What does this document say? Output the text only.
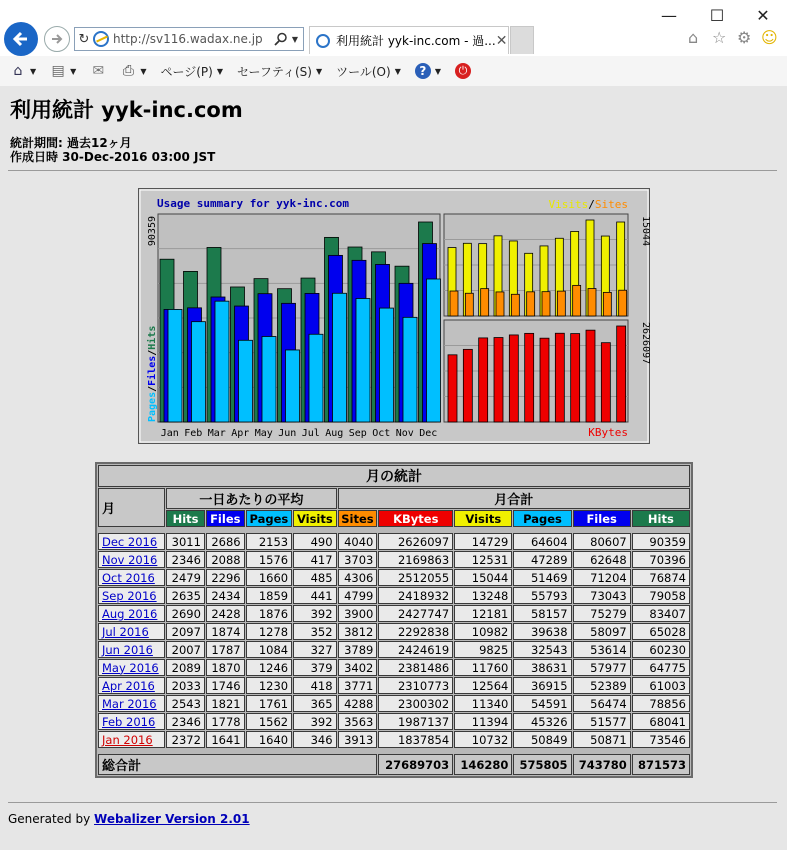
—	☐	✕
↻ http://sv116.wadax.ne.jp	▼	利用統計 yyk-inc.com - 過... ✕	⌂ ☆ ⚙ ☺
⌂ ▼ ▤ ▼ ✉ ⎙ ▼ ページ(P) ▼ セーフティ(S) ▼ ツール(O) ▼	?	▼	⏻
利用統計 yyk-inc.com
統計期間: 過去12ヶ月
作成日時 30-Dec-2016 03:00 JST
Usage summary for yyk-inc.com
Jan Feb Mar Apr May Jun Jul Aug Sep Oct Nov Dec
90359
Pages/Files/Hits
15044
Visits/Sites
2626097
KBytes
月の統計										
月	一日あたりの平均				月合計					
	Hits	Files	Pages	Visits	Sites	KBytes	Visits	Pages	Files	Hits

Dec 2016	3011	2686	2153	490	4040	2626097	14729	64604	80607	90359
Nov 2016	2346	2088	1576	417	3703	2169863	12531	47289	62648	70396
Oct 2016	2479	2296	1660	485	4306	2512055	15044	51469	71204	76874
Sep 2016	2635	2434	1859	441	4799	2418932	13248	55793	73043	79058
Aug 2016	2690	2428	1876	392	3900	2427747	12181	58157	75279	83407
Jul 2016	2097	1874	1278	352	3812	2292838	10982	39638	58097	65028
Jun 2016	2007	1787	1084	327	3789	2424619	9825	32543	53614	60230
May 2016	2089	1870	1246	379	3402	2381486	11760	38631	57977	64775
Apr 2016	2033	1746	1230	418	3771	2310773	12564	36915	52389	61003
Mar 2016	2543	1821	1761	365	4288	2300302	11340	54591	56474	78856
Feb 2016	2346	1778	1562	392	3563	1987137	11394	45326	51577	68041
Jan 2016	2372	1641	1640	346	3913	1837854	10732	50849	50871	73546

総合計						27689703	146280	575805	743780	871573
Generated by Webalizer Version 2.01
